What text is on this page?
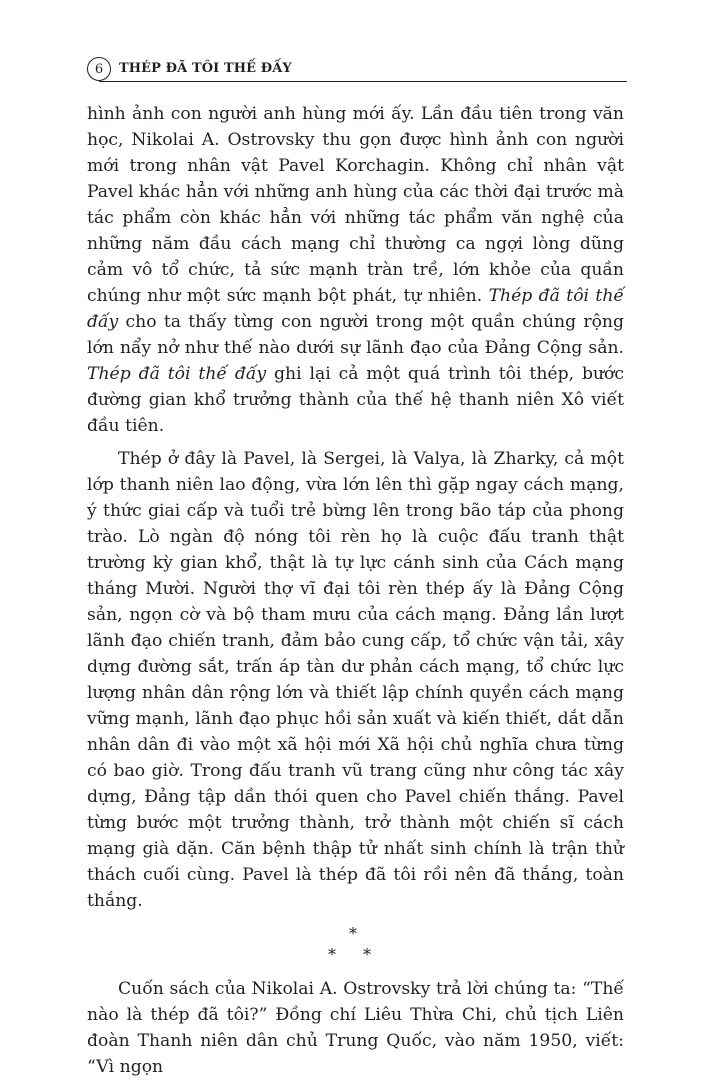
6	THÉP ĐÃ TÔI THẾ ĐẤY

hình ảnh con người anh hùng mới ấy. Lần đầu tiên trong văn học, Nikolai A. Ostrovsky thu gọn được hình ảnh con người mới trong nhân vật Pavel Korchagin. Không chỉ nhân vật Pavel khác hẳn với những anh hùng của các thời đại trước mà tác phẩm còn khác hẳn với những tác phẩm văn nghệ của những năm đầu cách mạng chỉ thường ca ngợi lòng dũng cảm vô tổ chức, tả sức mạnh tràn trề, lớn khỏe của quần chúng như một sức mạnh bột phát, tự nhiên. Thép đã tôi thế đấy cho ta thấy từng con người trong một quần chúng rộng lớn nẩy nở như thế nào dưới sự lãnh đạo của Đảng Cộng sản. Thép đã tôi thế đấy ghi lại cả một quá trình tôi thép, bước đường gian khổ trưởng thành của thế hệ thanh niên Xô viết đầu tiên.

Thép ở đây là Pavel, là Sergei, là Valya, là Zharky, cả một lớp thanh niên lao động, vừa lớn lên thì gặp ngay cách mạng, ý thức giai cấp và tuổi trẻ bừng lên trong bão táp của phong trào. Lò ngàn độ nóng tôi rèn họ là cuộc đấu tranh thật trường kỳ gian khổ, thật là tự lực cánh sinh của Cách mạng tháng Mười. Người thợ vĩ đại tôi rèn thép ấy là Đảng Cộng sản, ngọn cờ và bộ tham mưu của cách mạng. Đảng lần lượt lãnh đạo chiến tranh, đảm bảo cung cấp, tổ chức vận tải, xây dựng đường sắt, trấn áp tàn dư phản cách mạng, tổ chức lực lượng nhân dân rộng lớn và thiết lập chính quyền cách mạng vững mạnh, lãnh đạo phục hồi sản xuất và kiến thiết, dắt dẫn nhân dân đi vào một xã hội mới Xã hội chủ nghĩa chưa từng có bao giờ. Trong đấu tranh vũ trang cũng như công tác xây dựng, Đảng tập dần thói quen cho Pavel chiến thắng. Pavel từng bước một trưởng thành, trở thành một chiến sĩ cách mạng già dặn. Căn bệnh thập tử nhất sinh chính là trận thử thách cuối cùng. Pavel là thép đã tôi rồi nên đã thắng, toàn thắng.

*
* *

Cuốn sách của Nikolai A. Ostrovsky trả lời chúng ta: “Thế nào là thép đã tôi?” Đồng chí Liêu Thừa Chi, chủ tịch Liên đoàn Thanh niên dân chủ Trung Quốc, vào năm 1950, viết: “Vì ngọn
